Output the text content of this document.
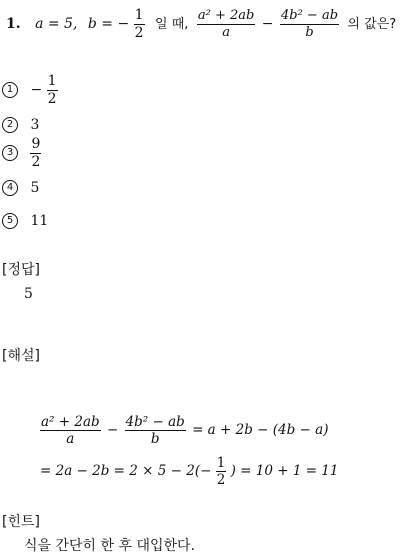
1. a = 5, b = − $\frac{1}{2}$ 일 때, $\frac{\text{a² + 2ab}}{a} - \frac{\text{4b² − ab}}{b}$ 의 값은?
$1 - \frac{1}{2}$
2 3
$3 \frac{9}{2}$
4 5
5 11
[정답]
5
[해설]
$\frac{\text{a² + 2ab}}{a} - \frac{\text{4b² − ab}}{b} = a + 2b - (4b - a)$
= $2a - 2b = 2 \times 5 - 2(- \frac{1}{2}$ ) = 10 + 1 = 11
[힌트]
식을 간단히 한 후 대입한다.
